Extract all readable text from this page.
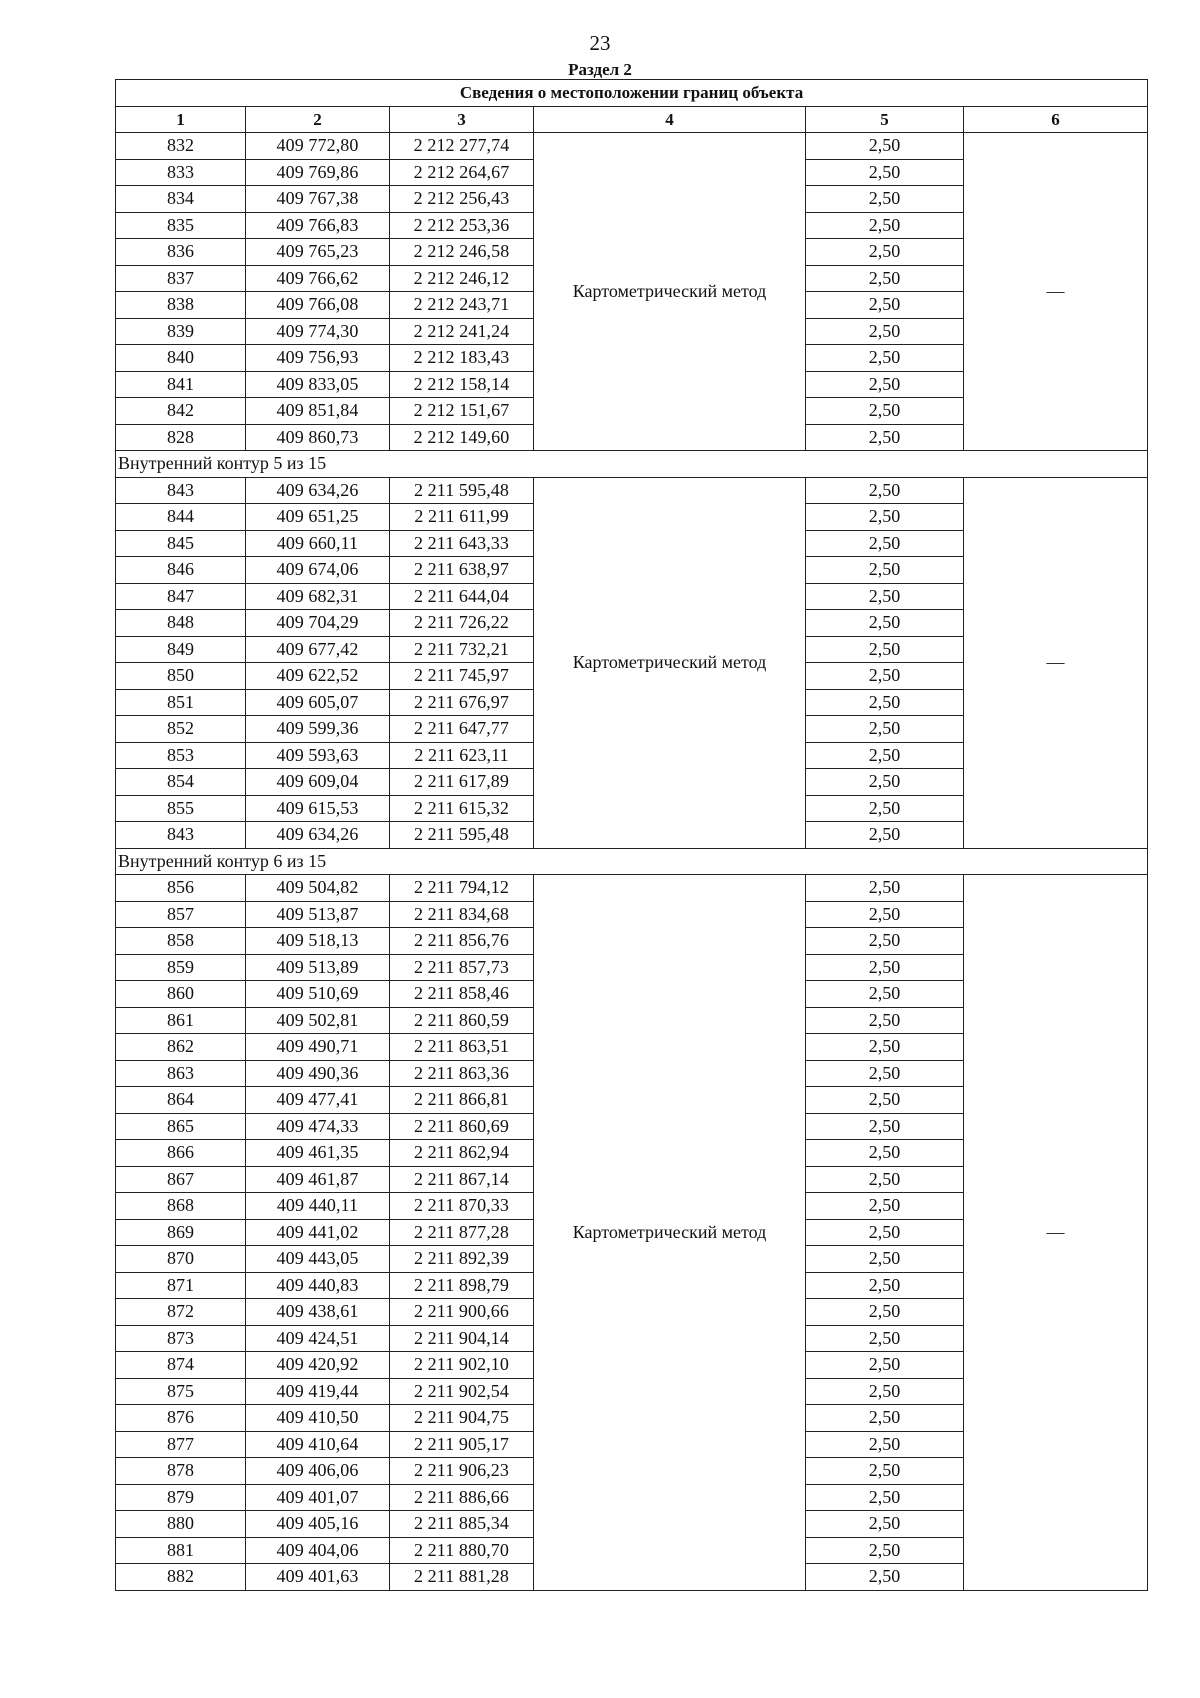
23
Раздел 2
Сведения о местоположении границ объекта					
1	2	3	4	5	6
832	409 772,80	2 212 277,74	Картометрический метод	2,50	—
833	409 769,86	2 212 264,67		2,50	
834	409 767,38	2 212 256,43		2,50	
835	409 766,83	2 212 253,36		2,50	
836	409 765,23	2 212 246,58		2,50	
837	409 766,62	2 212 246,12		2,50	
838	409 766,08	2 212 243,71		2,50	
839	409 774,30	2 212 241,24		2,50	
840	409 756,93	2 212 183,43		2,50	
841	409 833,05	2 212 158,14		2,50	
842	409 851,84	2 212 151,67		2,50	
828	409 860,73	2 212 149,60		2,50	
Внутренний контур 5 из 15					
843	409 634,26	2 211 595,48	Картометрический метод	2,50	—
844	409 651,25	2 211 611,99		2,50	
845	409 660,11	2 211 643,33		2,50	
846	409 674,06	2 211 638,97		2,50	
847	409 682,31	2 211 644,04		2,50	
848	409 704,29	2 211 726,22		2,50	
849	409 677,42	2 211 732,21		2,50	
850	409 622,52	2 211 745,97		2,50	
851	409 605,07	2 211 676,97		2,50	
852	409 599,36	2 211 647,77		2,50	
853	409 593,63	2 211 623,11		2,50	
854	409 609,04	2 211 617,89		2,50	
855	409 615,53	2 211 615,32		2,50	
843	409 634,26	2 211 595,48		2,50	
Внутренний контур 6 из 15					
856	409 504,82	2 211 794,12	Картометрический метод	2,50	—
857	409 513,87	2 211 834,68		2,50	
858	409 518,13	2 211 856,76		2,50	
859	409 513,89	2 211 857,73		2,50	
860	409 510,69	2 211 858,46		2,50	
861	409 502,81	2 211 860,59		2,50	
862	409 490,71	2 211 863,51		2,50	
863	409 490,36	2 211 863,36		2,50	
864	409 477,41	2 211 866,81		2,50	
865	409 474,33	2 211 860,69		2,50	
866	409 461,35	2 211 862,94		2,50	
867	409 461,87	2 211 867,14		2,50	
868	409 440,11	2 211 870,33		2,50	
869	409 441,02	2 211 877,28		2,50	
870	409 443,05	2 211 892,39		2,50	
871	409 440,83	2 211 898,79		2,50	
872	409 438,61	2 211 900,66		2,50	
873	409 424,51	2 211 904,14		2,50	
874	409 420,92	2 211 902,10		2,50	
875	409 419,44	2 211 902,54		2,50	
876	409 410,50	2 211 904,75		2,50	
877	409 410,64	2 211 905,17		2,50	
878	409 406,06	2 211 906,23		2,50	
879	409 401,07	2 211 886,66		2,50	
880	409 405,16	2 211 885,34		2,50	
881	409 404,06	2 211 880,70		2,50	
882	409 401,63	2 211 881,28		2,50	
